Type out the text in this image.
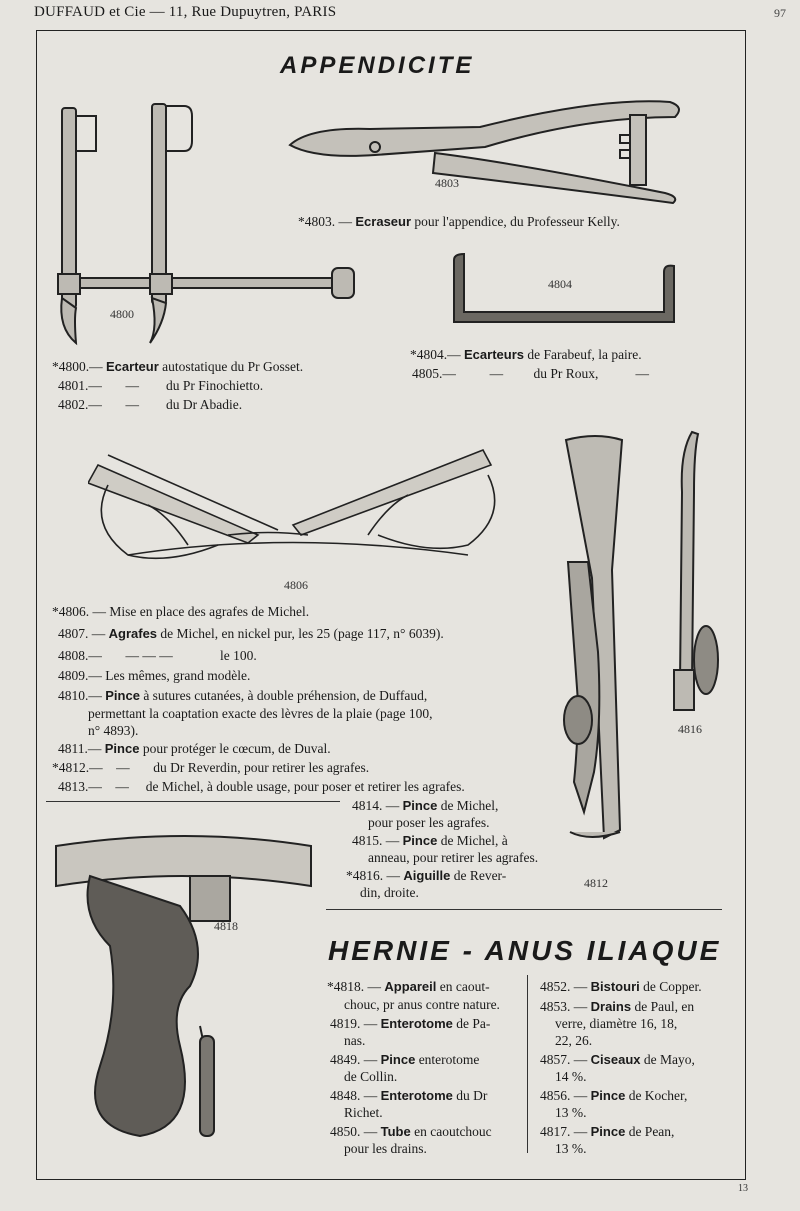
DUFFAUD et Cie — 11, Rue Dupuytren, PARIS	97
APPENDICITE
4800
4803
*4803. — Ecraseur pour l'appendice, du Professeur Kelly.
4804
*4800.— Ecarteur autostatique du Pr Gosset.
4801.— — du Pr Finochietto.
4802.— — du Dr Abadie.
*4804.— Ecarteurs de Farabeuf, la paire.
4805.—	— du Pr Roux,	—
4806
4812
4816
*4806. — Mise en place des agrafes de Michel.
4807. — Agrafes de Michel, en nickel pur, les 25 (page 117, n° 6039).
4808.— — — —	le 100.
4809.— Les mêmes, grand modèle.
4810.— Pince à sutures cutanées, à double préhension, de Duffaud,
permettant la coaptation exacte des lèvres de la plaie (page 100,
n° 4893).
4811.— Pince pour protéger le cœcum, de Duval.
*4812.— — du Dr Reverdin, pour retirer les agrafes.
4813.— — de Michel, à double usage, pour poser et retirer les agrafes.
4814. — Pince de Michel,
pour poser les agrafes.
4815. — Pince de Michel, à
anneau, pour retirer les agrafes.
*4816. — Aiguille de Rever-
din, droite.
4818
HERNIE - ANUS ILIAQUE
*4818. — Appareil en caout-
chouc, pr anus contre nature.
4819. — Enterotome de Pa-
nas.
4849. — Pince enterotome
de Collin.
4848. — Enterotome du Dr
Richet.
4850. — Tube en caoutchouc
pour les drains.
4852. — Bistouri de Copper.
4853. — Drains de Paul, en
verre, diamètre 16, 18,
22, 26.
4857. — Ciseaux de Mayo,
14 %.
4856. — Pince de Kocher,
13 %.
4817. — Pince de Pean,
13 %.
13
